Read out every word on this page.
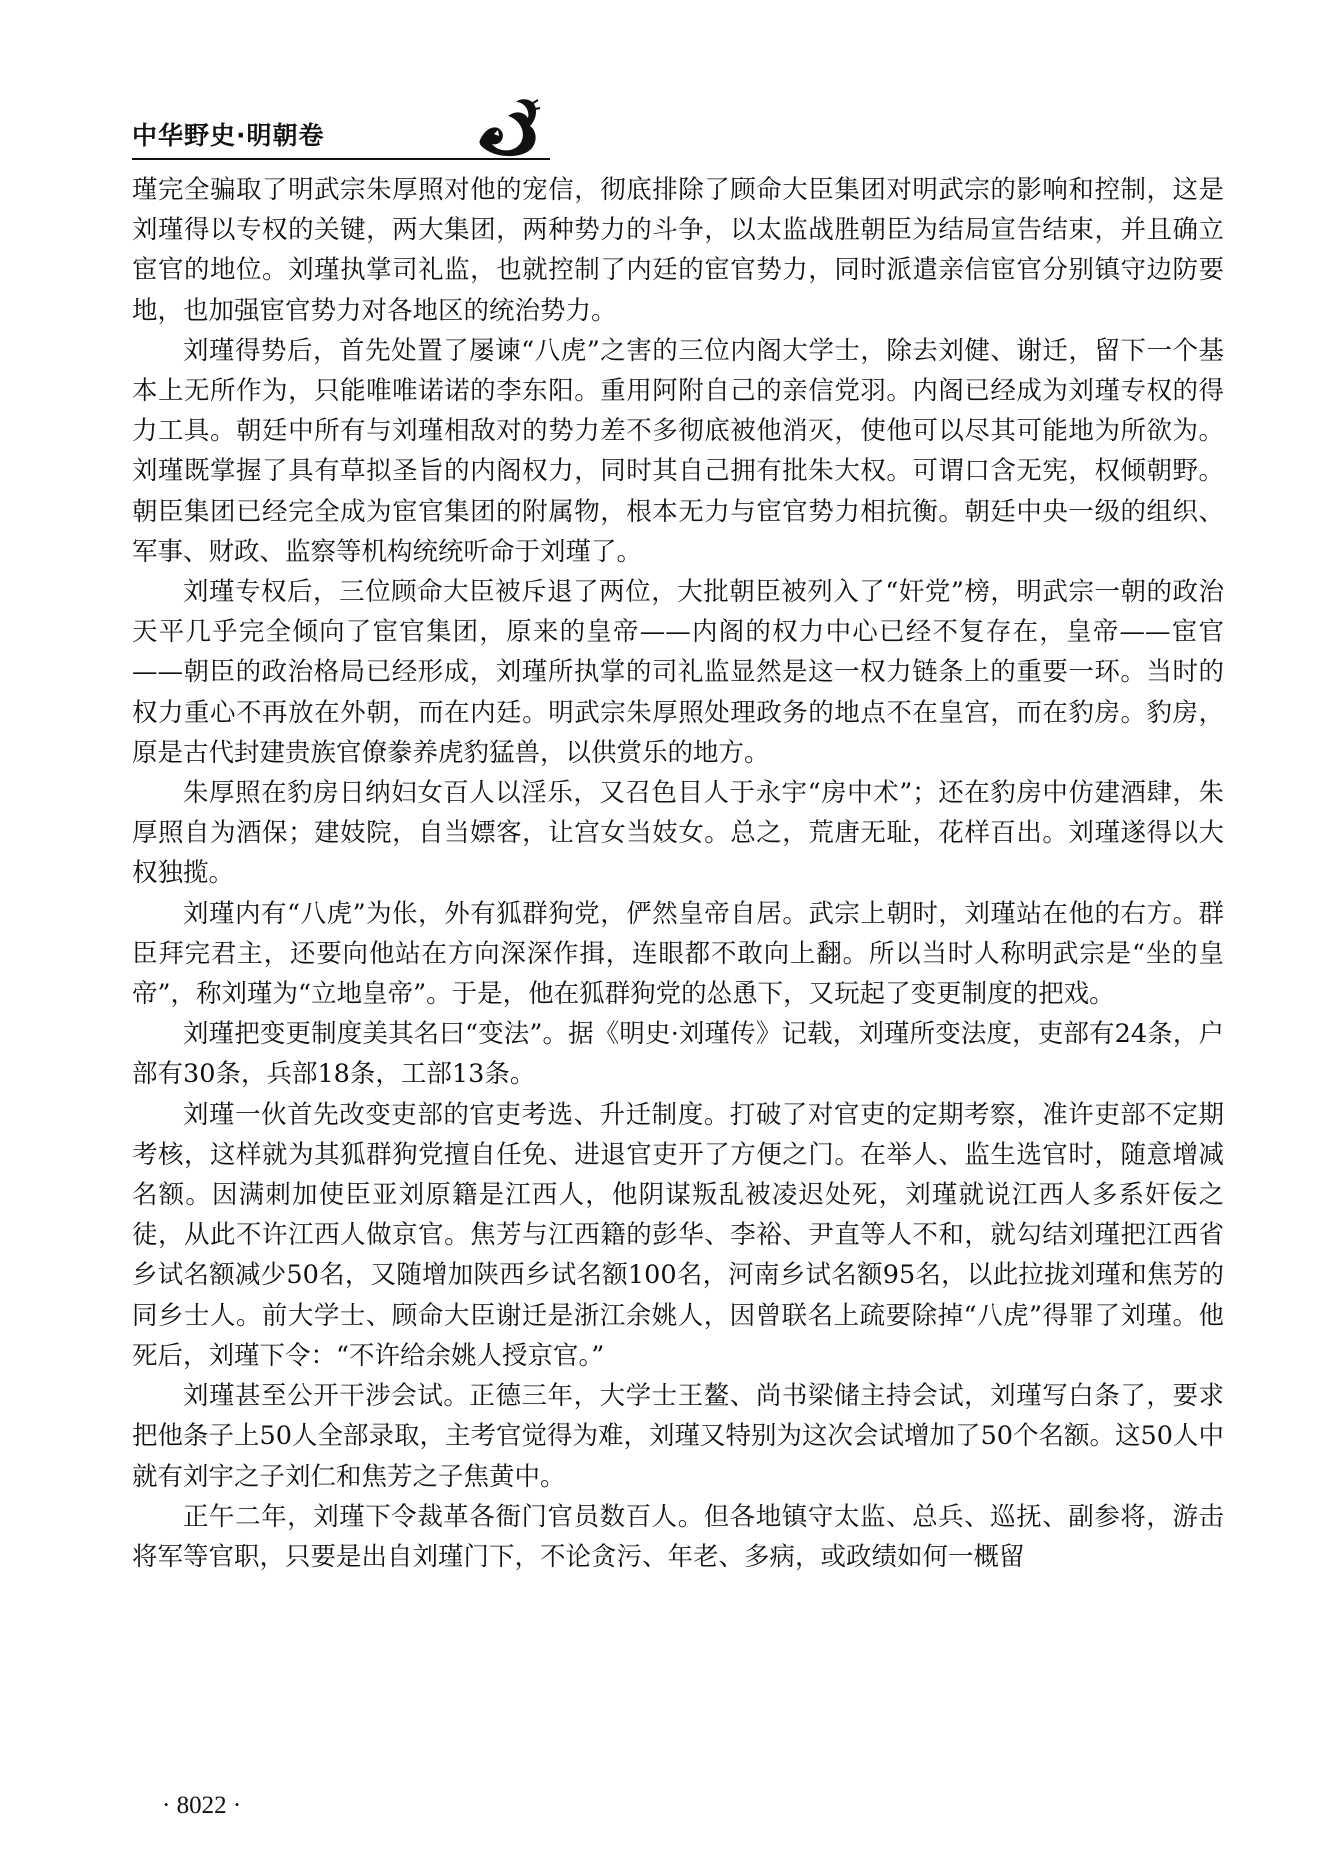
中华野史·明朝卷

瑾完全骗取了明武宗朱厚照对他的宠信，彻底排除了顾命大臣集团对明武宗的影响和控制，这是刘瑾得以专权的关键，两大集团，两种势力的斗争，以太监战胜朝臣为结局宣告结束，并且确立宦官的地位。刘瑾执掌司礼监，也就控制了内廷的宦官势力，同时派遣亲信宦官分别镇守边防要地，也加强宦官势力对各地区的统治势力。

刘瑾得势后，首先处置了屡谏“八虎”之害的三位内阁大学士，除去刘健、谢迁，留下一个基本上无所作为，只能唯唯诺诺的李东阳。重用阿附自己的亲信党羽。内阁已经成为刘瑾专权的得力工具。朝廷中所有与刘瑾相敌对的势力差不多彻底被他消灭，使他可以尽其可能地为所欲为。刘瑾既掌握了具有草拟圣旨的内阁权力，同时其自己拥有批朱大权。可谓口含无宪，权倾朝野。朝臣集团已经完全成为宦官集团的附属物，根本无力与宦官势力相抗衡。朝廷中央一级的组织、军事、财政、监察等机构统统听命于刘瑾了。

刘瑾专权后，三位顾命大臣被斥退了两位，大批朝臣被列入了“奸党”榜，明武宗一朝的政治天平几乎完全倾向了宦官集团，原来的皇帝——内阁的权力中心已经不复存在，皇帝——宦官——朝臣的政治格局已经形成，刘瑾所执掌的司礼监显然是这一权力链条上的重要一环。当时的权力重心不再放在外朝，而在内廷。明武宗朱厚照处理政务的地点不在皇宫，而在豹房。豹房，原是古代封建贵族官僚豢养虎豹猛兽，以供赏乐的地方。

朱厚照在豹房日纳妇女百人以淫乐，又召色目人于永宇“房中术”；还在豹房中仿建酒肆，朱厚照自为酒保；建妓院，自当嫖客，让宫女当妓女。总之，荒唐无耻，花样百出。刘瑾遂得以大权独揽。

刘瑾内有“八虎”为伥，外有狐群狗党，俨然皇帝自居。武宗上朝时，刘瑾站在他的右方。群臣拜完君主，还要向他站在方向深深作揖，连眼都不敢向上翻。所以当时人称明武宗是“坐的皇帝”，称刘瑾为“立地皇帝”。于是，他在狐群狗党的怂恿下，又玩起了变更制度的把戏。

刘瑾把变更制度美其名曰“变法”。据《明史·刘瑾传》记载，刘瑾所变法度，吏部有24条，户部有30条，兵部18条，工部13条。

刘瑾一伙首先改变吏部的官吏考选、升迁制度。打破了对官吏的定期考察，准许吏部不定期考核，这样就为其狐群狗党擅自任免、进退官吏开了方便之门。在举人、监生选官时，随意增减名额。因满刺加使臣亚刘原籍是江西人，他阴谋叛乱被凌迟处死，刘瑾就说江西人多系奸佞之徒，从此不许江西人做京官。焦芳与江西籍的彭华、李裕、尹直等人不和，就勾结刘瑾把江西省乡试名额减少50名，又随增加陕西乡试名额100名，河南乡试名额95名，以此拉拢刘瑾和焦芳的同乡士人。前大学士、顾命大臣谢迁是浙江余姚人，因曾联名上疏要除掉“八虎”得罪了刘瑾。他死后，刘瑾下令：“不许给余姚人授京官。”

刘瑾甚至公开干涉会试。正德三年，大学士王鳌、尚书梁储主持会试，刘瑾写白条了，要求把他条子上50人全部录取，主考官觉得为难，刘瑾又特别为这次会试增加了50个名额。这50人中就有刘宇之子刘仁和焦芳之子焦黄中。

正午二年，刘瑾下令裁革各衙门官员数百人。但各地镇守太监、总兵、巡抚、副参将，游击将军等官职，只要是出自刘瑾门下，不论贪污、年老、多病，或政绩如何一概留

· 8022 ·
